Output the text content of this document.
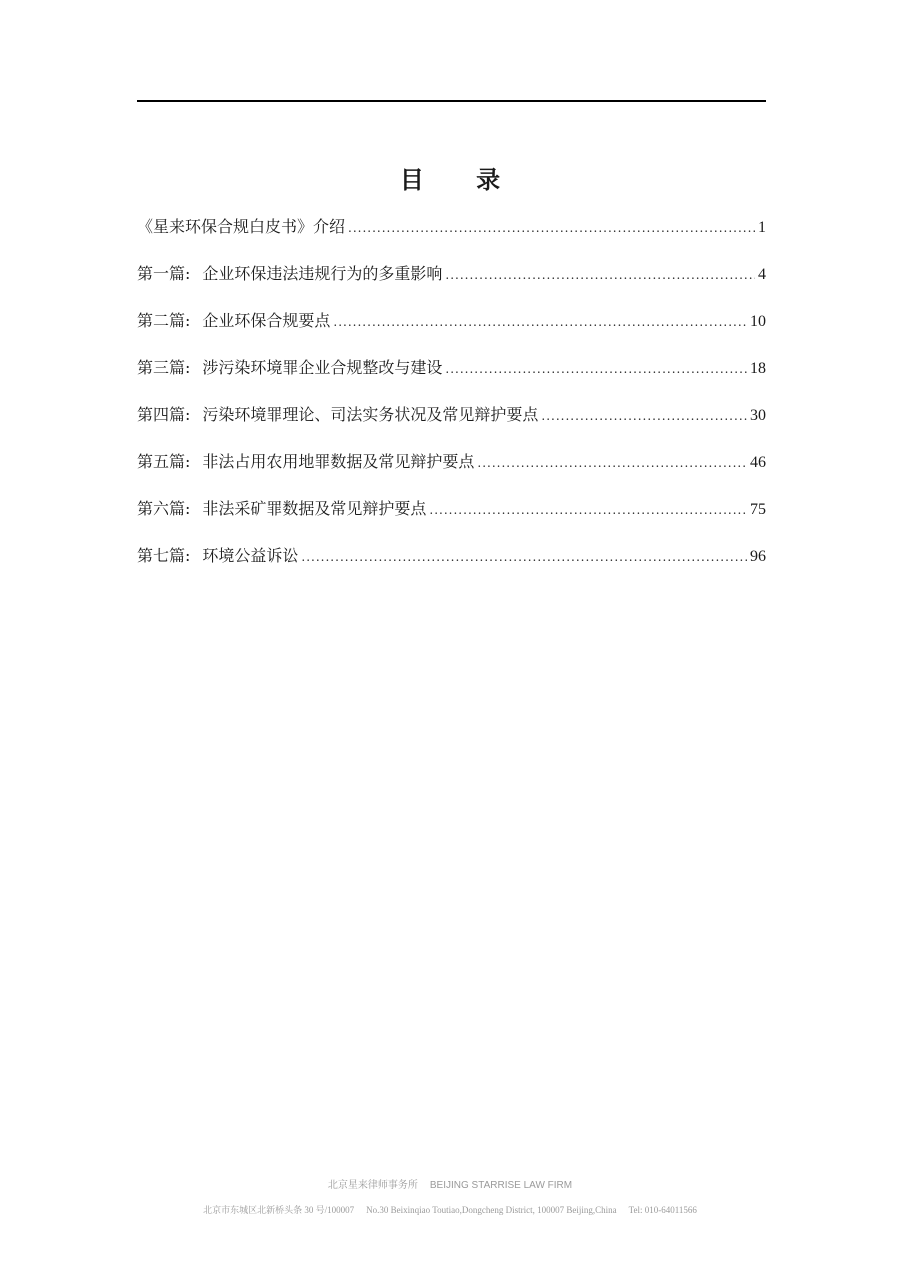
目 录
《星来环保合规白皮书》介绍 .....	1
第一篇: 企业环保违法违规行为的多重影响 .....	4
第二篇: 企业环保合规要点 .....	10
第三篇: 涉污染环境罪企业合规整改与建设 .....	18
第四篇: 污染环境罪理论、司法实务状况及常见辩护要点 .....	30
第五篇: 非法占用农用地罪数据及常见辩护要点 .....	46
第六篇: 非法采矿罪数据及常见辩护要点 .....	75
第七篇: 环境公益诉讼 .....	96
北京星来律师事务所 BEIJING STARRISE LAW FIRM
北京市东城区北新桥头条 30 号/100007 No.30 Beixinqiao Toutiao,Dongcheng District, 100007 Beijing,China Tel: 010-64011566
